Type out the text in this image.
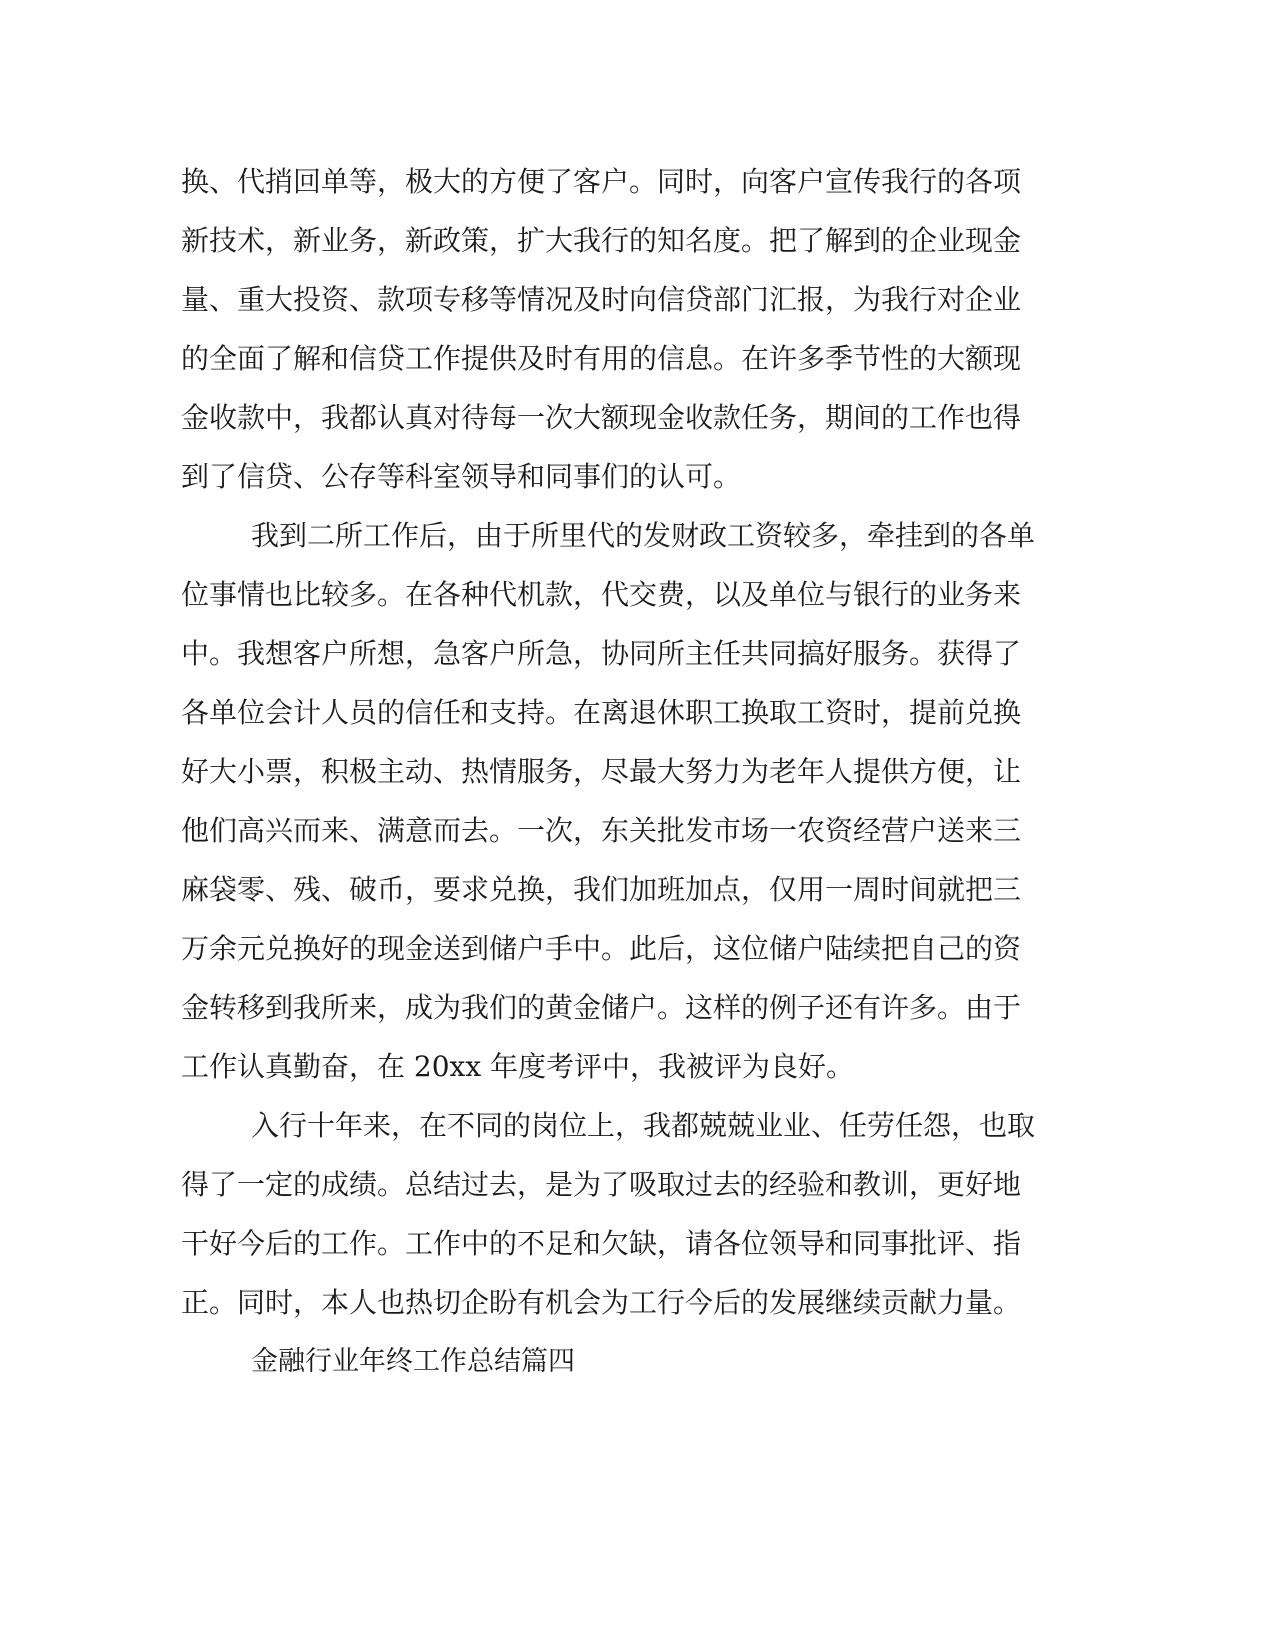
换、代捎回单等，极大的方便了客户。同时，向客户宣传我行的各项
新技术，新业务，新政策，扩大我行的知名度。把了解到的企业现金
量、重大投资、款项专移等情况及时向信贷部门汇报，为我行对企业
的全面了解和信贷工作提供及时有用的信息。在许多季节性的大额现
金收款中，我都认真对待每一次大额现金收款任务，期间的工作也得
到了信贷、公存等科室领导和同事们的认可。
我到二所工作后，由于所里代的发财政工资较多，牵挂到的各单
位事情也比较多。在各种代机款，代交费，以及单位与银行的业务来
中。我想客户所想，急客户所急，协同所主任共同搞好服务。获得了
各单位会计人员的信任和支持。在离退休职工换取工资时，提前兑换
好大小票，积极主动、热情服务，尽最大努力为老年人提供方便，让
他们高兴而来、满意而去。一次，东关批发市场一农资经营户送来三
麻袋零、残、破币，要求兑换，我们加班加点，仅用一周时间就把三
万余元兑换好的现金送到储户手中。此后，这位储户陆续把自己的资
金转移到我所来，成为我们的黄金储户。这样的例子还有许多。由于
工作认真勤奋，在 20xx 年度考评中，我被评为良好。
入行十年来，在不同的岗位上，我都兢兢业业、任劳任怨，也取
得了一定的成绩。总结过去，是为了吸取过去的经验和教训，更好地
干好今后的工作。工作中的不足和欠缺，请各位领导和同事批评、指
正。同时，本人也热切企盼有机会为工行今后的发展继续贡献力量。
金融行业年终工作总结篇四
